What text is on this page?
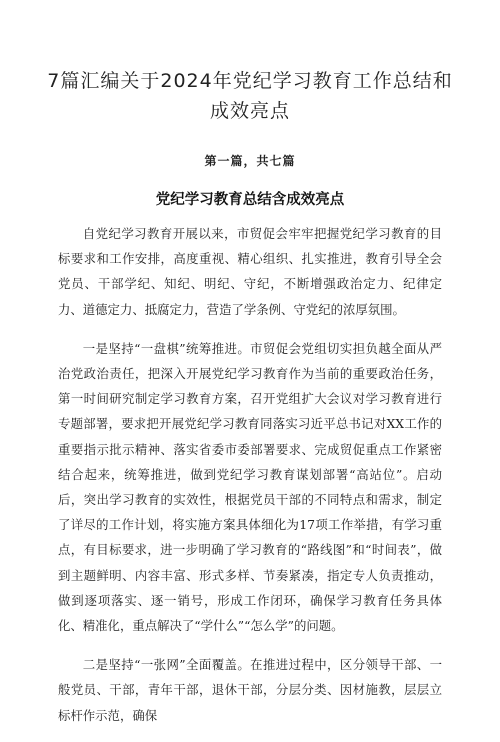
7篇汇编关于2024年党纪学习教育工作总结和成效亮点
第一篇，共七篇
党纪学习教育总结含成效亮点

自党纪学习教育开展以来，市贸促会牢牢把握党纪学习教育的目标要求和工作安排，高度重视、精心组织、扎实推进，教育引导全会党员、干部学纪、知纪、明纪、守纪，不断增强政治定力、纪律定力、道德定力、抵腐定力，营造了学条例、守党纪的浓厚氛围。

一是坚持“一盘棋”统筹推进。市贸促会党组切实担负越全面从严治党政治责任，把深入开展党纪学习教育作为当前的重要政治任务，第一时间研究制定学习教育方案，召开党组扩大会议对学习教育进行专题部署，要求把开展党纪学习教育同落实习近平总书记对XX工作的重要指示批示精神、落实省委市委部署要求、完成贸促重点工作紧密结合起来，统筹推进，做到党纪学习教育谋划部署“高站位”。启动后，突出学习教育的实效性，根据党员干部的不同特点和需求，制定了详尽的工作计划，将实施方案具体细化为17项工作举措，有学习重点，有目标要求，进一步明确了学习教育的“路线图”和“时间表”，做到主题鲜明、内容丰富、形式多样、节奏紧凑，指定专人负责推动，做到逐项落实、逐一销号，形成工作闭环，确保学习教育任务具体化、精准化，重点解决了“学什么”“怎么学”的问题。

二是坚持“一张网”全面覆盖。在推进过程中，区分领导干部、一般党员、干部，青年干部，退休干部，分层分类、因材施教，层层立标杆作示范，确保
